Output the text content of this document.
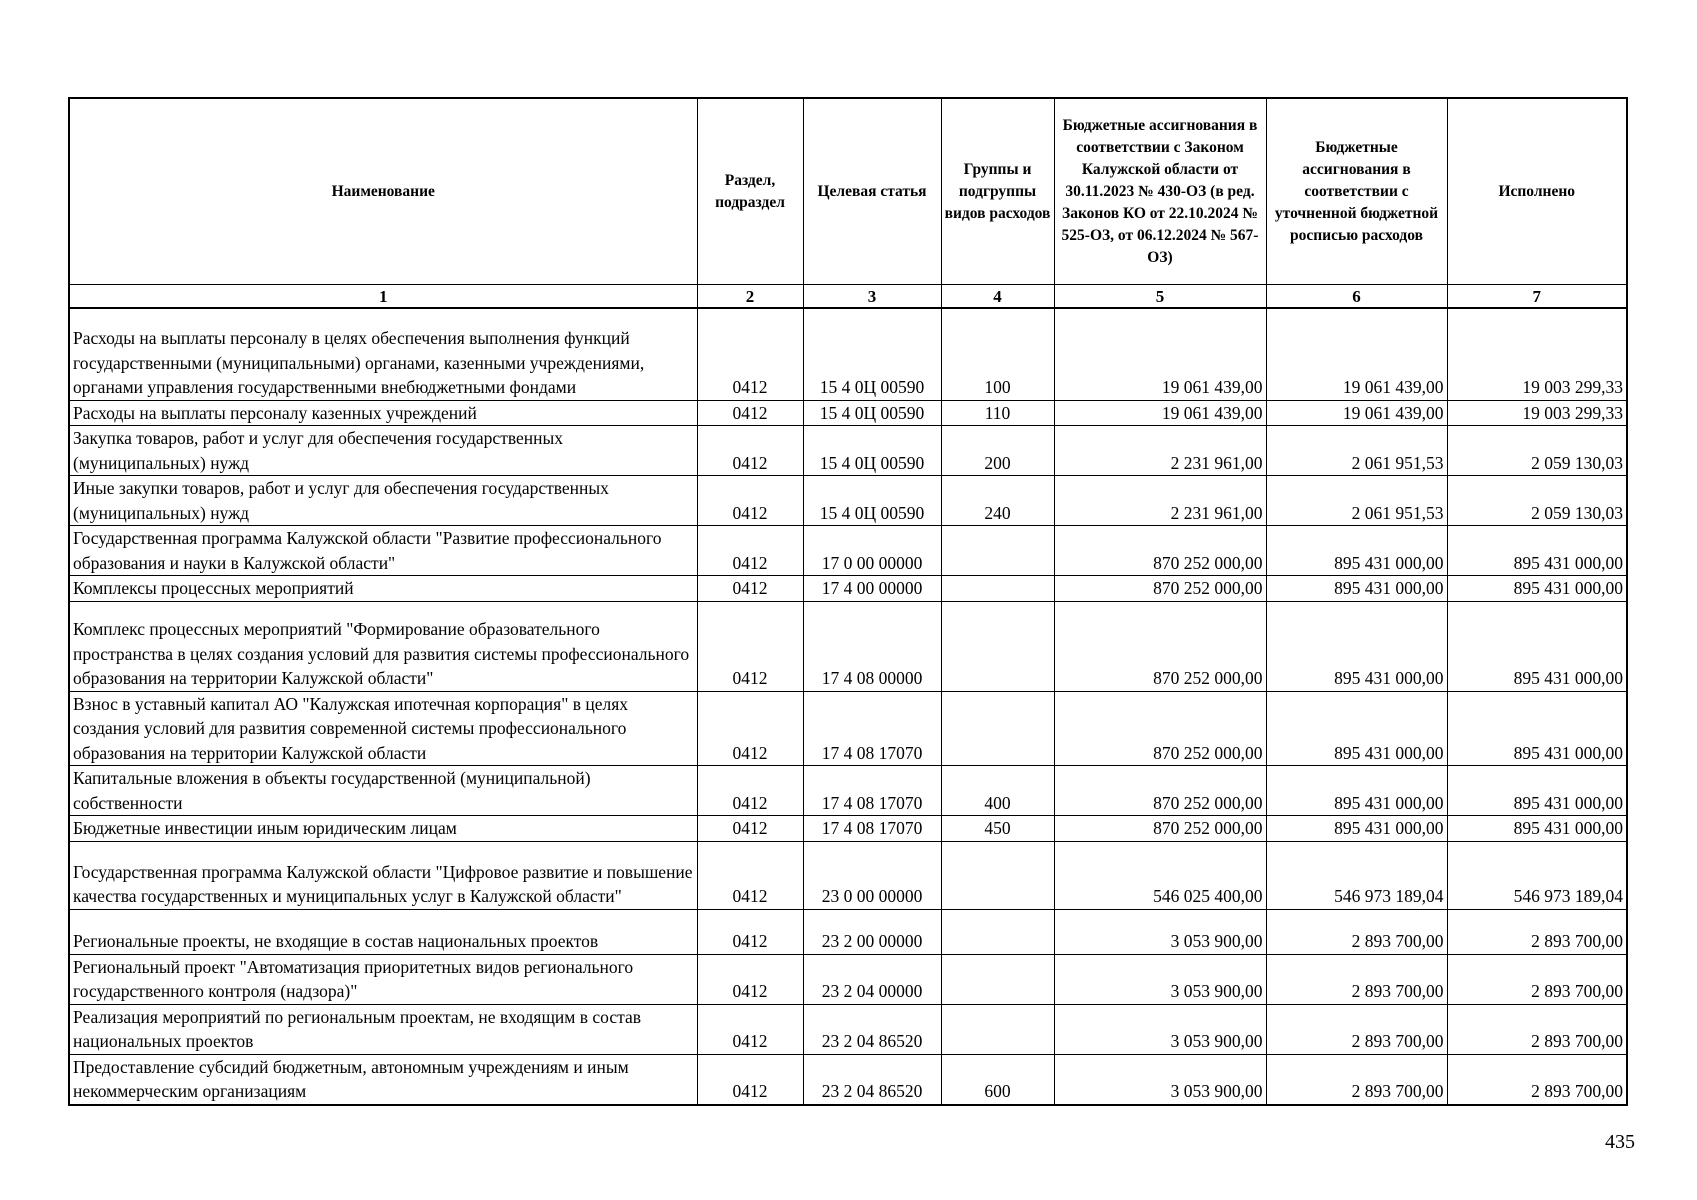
Наименование	Раздел, подраздел	Целевая статья	Группы и подгруппы видов расходов	Бюджетные ассигнования в соответствии с Законом Калужской области от 30.11.2023 № 430-ОЗ (в ред. Законов КО от 22.10.2024 № 525-ОЗ, от 06.12.2024 № 567-ОЗ)	Бюджетные ассигнования в соответствии с уточненной бюджетной росписью расходов	Исполнено
1	2	3	4	5	6	7
Расходы на выплаты персоналу в целях обеспечения выполнения функций государственными (муниципальными) органами, казенными учреждениями, органами управления государственными внебюджетными фондами	0412	15 4 0Ц 00590	100	19 061 439,00	19 061 439,00	19 003 299,33
Расходы на выплаты персоналу казенных учреждений	0412	15 4 0Ц 00590	110	19 061 439,00	19 061 439,00	19 003 299,33
Закупка товаров, работ и услуг для обеспечения государственных (муниципальных) нужд	0412	15 4 0Ц 00590	200	2 231 961,00	2 061 951,53	2 059 130,03
Иные закупки товаров, работ и услуг для обеспечения государственных (муниципальных) нужд	0412	15 4 0Ц 00590	240	2 231 961,00	2 061 951,53	2 059 130,03
Государственная программа Калужской области "Развитие профессионального образования и науки в Калужской области"	0412	17 0 00 00000		870 252 000,00	895 431 000,00	895 431 000,00
Комплексы процессных мероприятий	0412	17 4 00 00000		870 252 000,00	895 431 000,00	895 431 000,00
Комплекс процессных мероприятий "Формирование образовательного пространства в целях создания условий для развития системы профессионального образования на территории Калужской области"	0412	17 4 08 00000		870 252 000,00	895 431 000,00	895 431 000,00
Взнос в уставный капитал АО "Калужская ипотечная корпорация" в целях создания условий для развития современной системы профессионального образования на территории Калужской области	0412	17 4 08 17070		870 252 000,00	895 431 000,00	895 431 000,00
Капитальные вложения в объекты государственной (муниципальной) собственности	0412	17 4 08 17070	400	870 252 000,00	895 431 000,00	895 431 000,00
Бюджетные инвестиции иным юридическим лицам	0412	17 4 08 17070	450	870 252 000,00	895 431 000,00	895 431 000,00
Государственная программа Калужской области "Цифровое развитие и повышение качества государственных и муниципальных услуг в Калужской области"	0412	23 0 00 00000		546 025 400,00	546 973 189,04	546 973 189,04
Региональные проекты, не входящие в состав национальных проектов	0412	23 2 00 00000		3 053 900,00	2 893 700,00	2 893 700,00
Региональный проект "Автоматизация приоритетных видов регионального государственного контроля (надзора)"	0412	23 2 04 00000		3 053 900,00	2 893 700,00	2 893 700,00
Реализация мероприятий по региональным проектам, не входящим в состав национальных проектов	0412	23 2 04 86520		3 053 900,00	2 893 700,00	2 893 700,00
Предоставление субсидий бюджетным, автономным учреждениям и иным некоммерческим организациям	0412	23 2 04 86520	600	3 053 900,00	2 893 700,00	2 893 700,00
435
